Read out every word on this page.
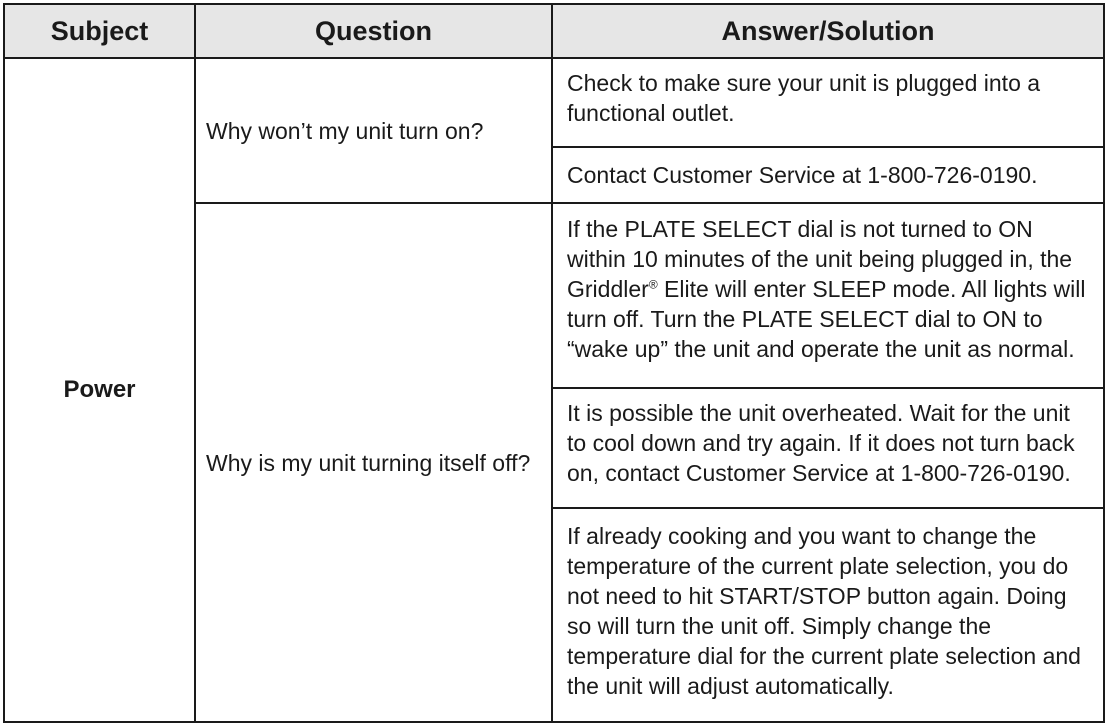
Subject	Question	Answer/Solution
Power	Why won’t my unit turn on?	Check to make sure your unit is plugged into a functional outlet.
		Contact Customer Service at 1-800-726-0190.
	Why is my unit turning itself off?	If the PLATE SELECT dial is not turned to ON within 10 minutes of the unit being plugged in, the Griddler® Elite will enter SLEEP mode. All lights will turn off. Turn the PLATE SELECT dial to ON to “wake up” the unit and operate the unit as normal.
		It is possible the unit overheated. Wait for the unit to cool down and try again. If it does not turn back on, contact Customer Service at 1-800-726-0190.
		If already cooking and you want to change the temperature of the current plate selection, you do not need to hit START/STOP button again. Doing so will turn the unit off. Simply change the temperature dial for the current plate selection and the unit will adjust automatically.
